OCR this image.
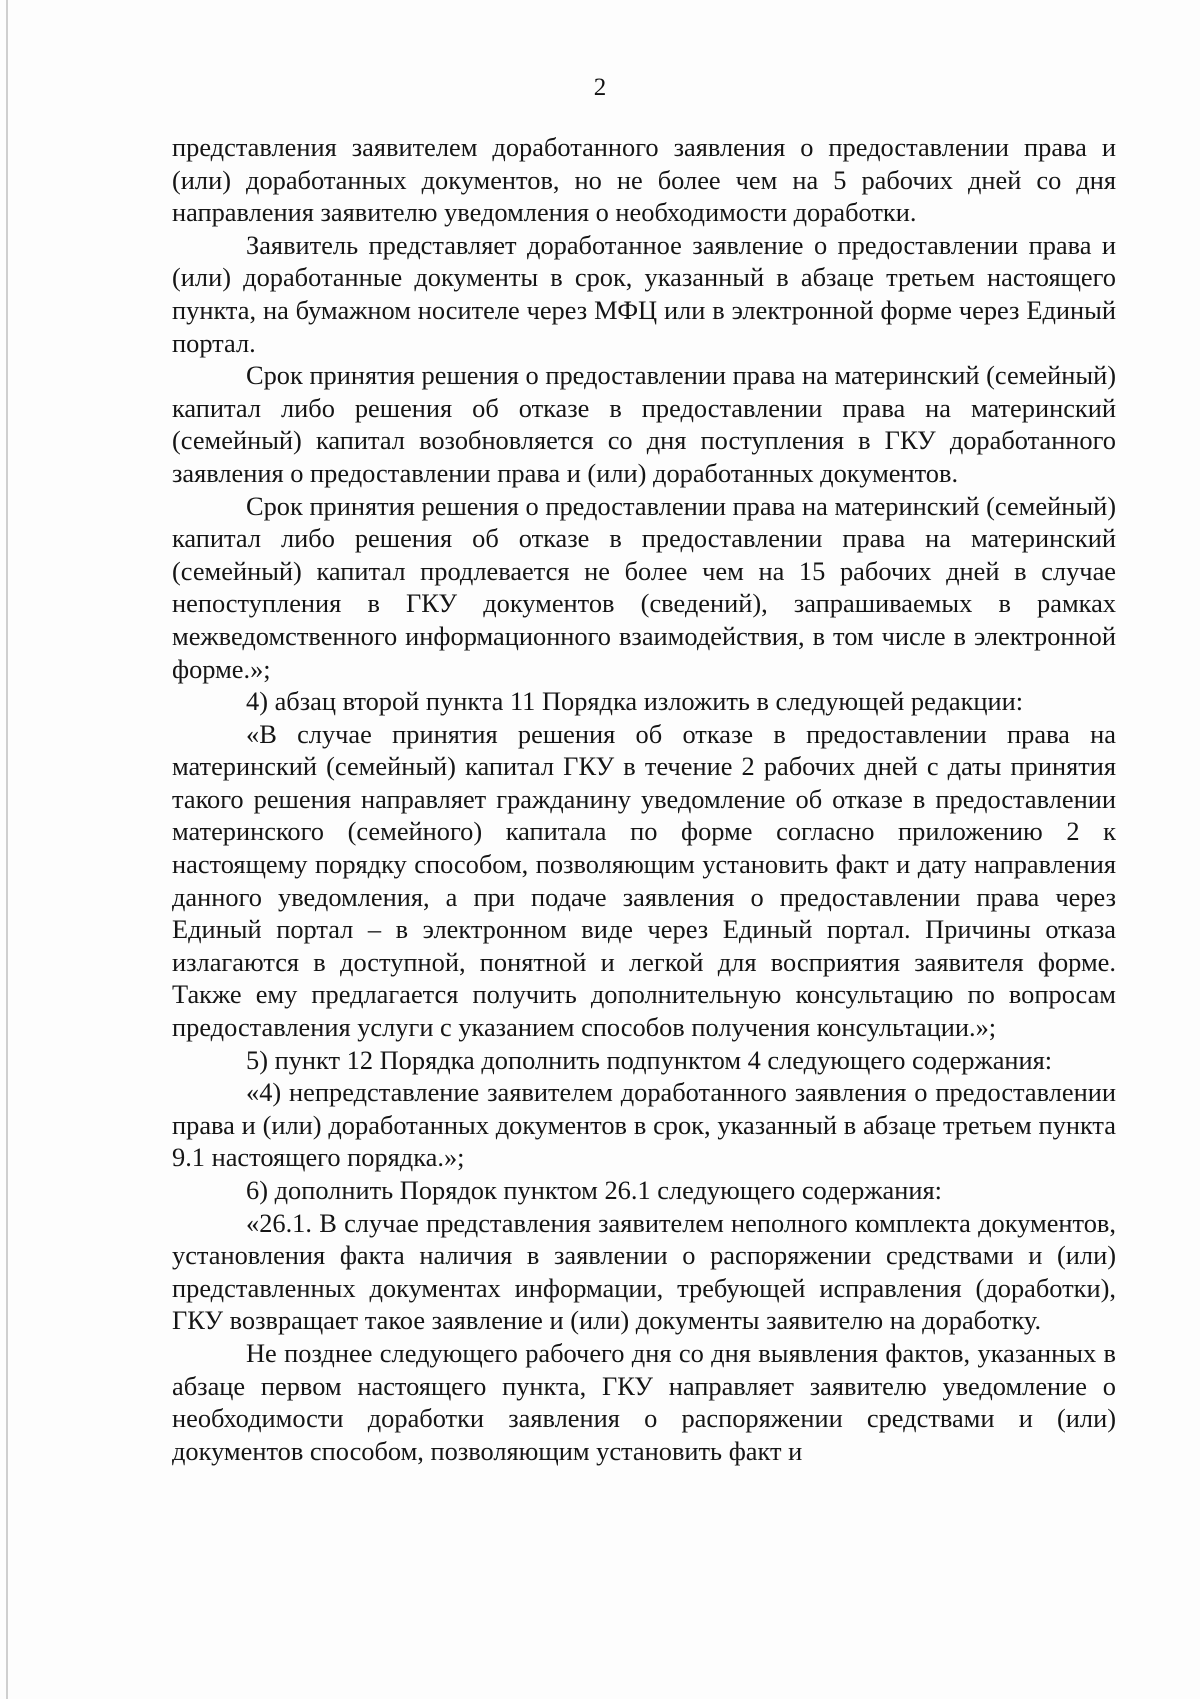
2

представления заявителем доработанного заявления о предоставлении права и (или) доработанных документов, но не более чем на 5 рабочих дней со дня направления заявителю уведомления о необходимости доработки.

Заявитель представляет доработанное заявление о предоставлении права и (или) доработанные документы в срок, указанный в абзаце третьем настоящего пункта, на бумажном носителе через МФЦ или в электронной форме через Единый портал.

Срок принятия решения о предоставлении права на материнский (семейный) капитал либо решения об отказе в предоставлении права на материнский (семейный) капитал возобновляется со дня поступления в ГКУ доработанного заявления о предоставлении права и (или) доработанных документов.

Срок принятия решения о предоставлении права на материнский (семейный) капитал либо решения об отказе в предоставлении права на материнский (семейный) капитал продлевается не более чем на 15 рабочих дней в случае непоступления в ГКУ документов (сведений), запрашиваемых в рамках межведомственного информационного взаимодействия, в том числе в электронной форме.»;

4) абзац второй пункта 11 Порядка изложить в следующей редакции:

«В случае принятия решения об отказе в предоставлении права на материнский (семейный) капитал ГКУ в течение 2 рабочих дней с даты принятия такого решения направляет гражданину уведомление об отказе в предоставлении материнского (семейного) капитала по форме согласно приложению 2 к настоящему порядку способом, позволяющим установить факт и дату направления данного уведомления, а при подаче заявления о предоставлении права через Единый портал – в электронном виде через Единый портал. Причины отказа излагаются в доступной, понятной и легкой для восприятия заявителя форме. Также ему предлагается получить дополнительную консультацию по вопросам предоставления услуги с указанием способов получения консультации.»;

5) пункт 12 Порядка дополнить подпунктом 4 следующего содержания:

«4) непредставление заявителем доработанного заявления о предоставлении права и (или) доработанных документов в срок, указанный в абзаце третьем пункта 9.1 настоящего порядка.»;

6) дополнить Порядок пунктом 26.1 следующего содержания:

«26.1. В случае представления заявителем неполного комплекта документов, установления факта наличия в заявлении о распоряжении средствами и (или) представленных документах информации, требующей исправления (доработки), ГКУ возвращает такое заявление и (или) документы заявителю на доработку.

Не позднее следующего рабочего дня со дня выявления фактов, указанных в абзаце первом настоящего пункта, ГКУ направляет заявителю уведомление о необходимости доработки заявления о распоряжении средствами и (или) документов способом, позволяющим установить факт и
